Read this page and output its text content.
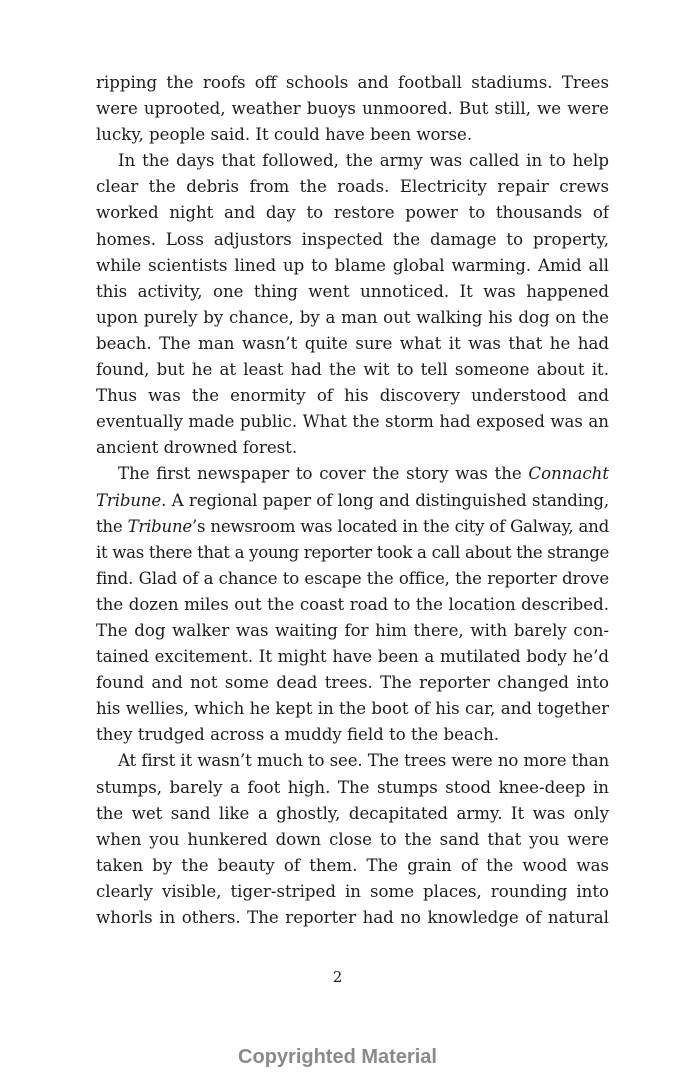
ripping the roofs off schools and football stadiums. Trees
were uprooted, weather buoys unmoored. But still, we were
lucky, people said. It could have been worse.
In the days that followed, the army was called in to help
clear the debris from the roads. Electricity repair crews
worked night and day to restore power to thousands of
homes. Loss adjustors inspected the damage to property,
while scientists lined up to blame global warming. Amid all
this activity, one thing went unnoticed. It was happened
upon purely by chance, by a man out walking his dog on the
beach. The man wasn’t quite sure what it was that he had
found, but he at least had the wit to tell someone about it.
Thus was the enormity of his discovery understood and
eventually made public. What the storm had exposed was an
ancient drowned forest.
The first newspaper to cover the story was the Connacht
Tribune. A regional paper of long and distinguished standing,
the Tribune’s newsroom was located in the city of Galway, and
it was there that a young reporter took a call about the strange
find. Glad of a chance to escape the office, the reporter drove
the dozen miles out the coast road to the location described.
The dog walker was waiting for him there, with barely con-
tained excitement. It might have been a mutilated body he’d
found and not some dead trees. The reporter changed into
his wellies, which he kept in the boot of his car, and together
they trudged across a muddy field to the beach.
At first it wasn’t much to see. The trees were no more than
stumps, barely a foot high. The stumps stood knee-deep in
the wet sand like a ghostly, decapitated army. It was only
when you hunkered down close to the sand that you were
taken by the beauty of them. The grain of the wood was
clearly visible, tiger-striped in some places, rounding into
whorls in others. The reporter had no knowledge of natural
2
Copyrighted Material
